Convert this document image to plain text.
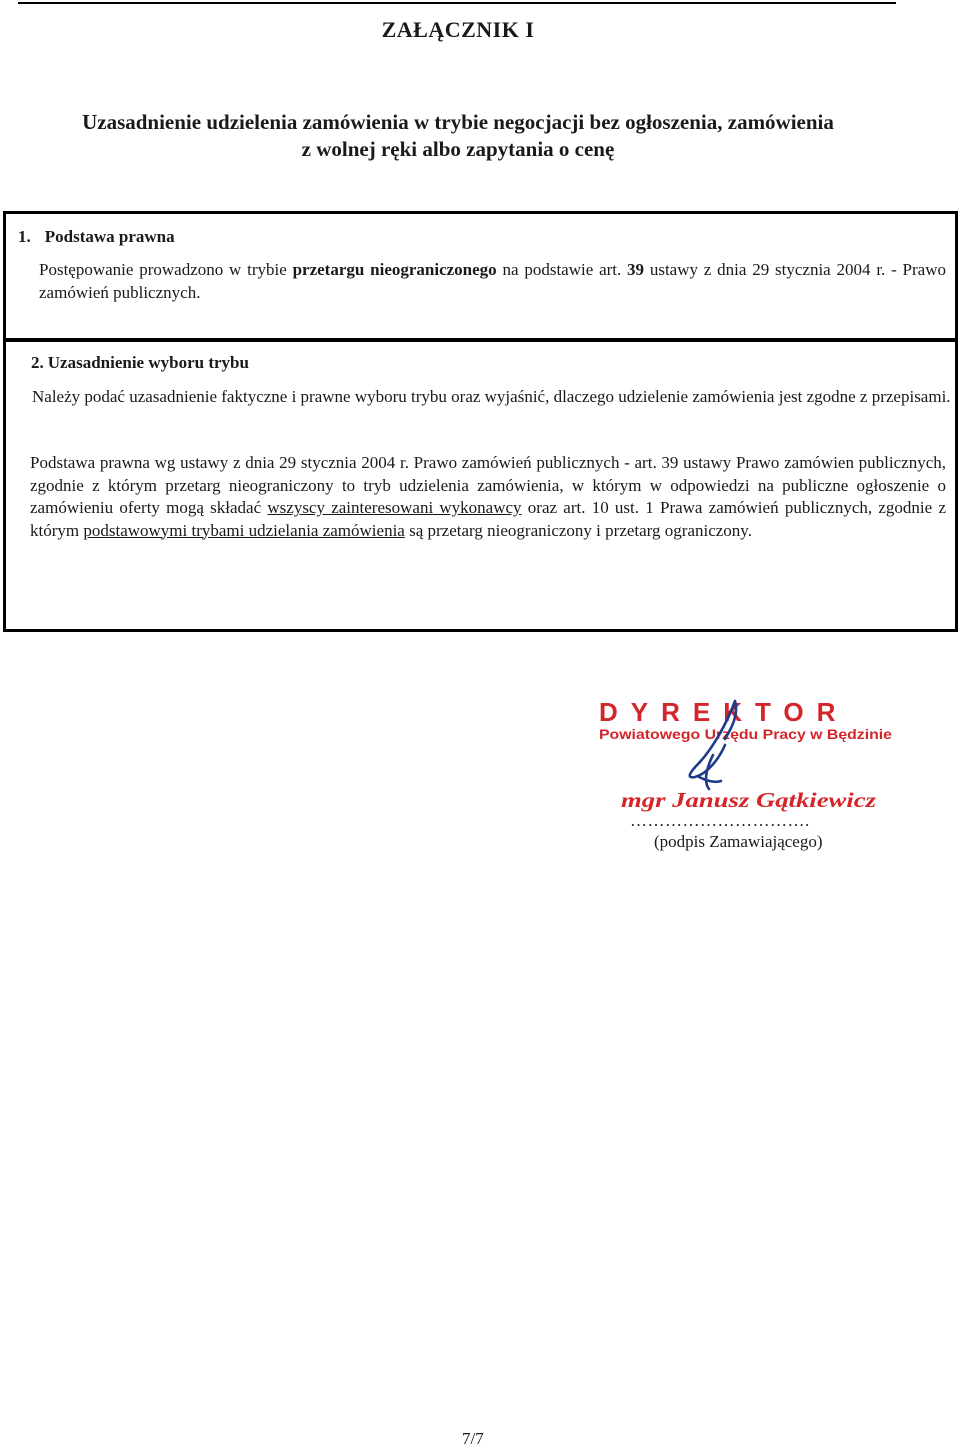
ZAŁĄCZNIK I
Uzasadnienie udzielenia zamówienia w trybie negocjacji bez ogłoszenia, zamówienia
z wolnej ręki albo zapytania o cenę
1. Podstawa prawna
Postępowanie prowadzono w trybie przetargu nieograniczonego na podstawie art. 39 ustawy z dnia 29 stycznia 2004 r. - Prawo zamówień publicznych.
2. Uzasadnienie wyboru trybu
Należy podać uzasadnienie faktyczne i prawne wyboru trybu oraz wyjaśnić, dlaczego udzielenie zamówienia jest zgodne z przepisami.
Podstawa prawna wg ustawy z dnia 29 stycznia 2004 r. Prawo zamówień publicznych - art. 39 ustawy Prawo zamówien publicznych, zgodnie z którym przetarg nieograniczony to tryb udzielenia zamówienia, w którym w odpowiedzi na publiczne ogłoszenie o zamówieniu oferty mogą składać wszyscy zainteresowani wykonawcy oraz art. 10 ust. 1 Prawa zamówień publicznych, zgodnie z którym podstawowymi trybami udzielania zamówienia są przetarg nieograniczony i przetarg ograniczony.
DYREKTOR
Powiatowego Urzędu Pracy w Będzinie
mgr Janusz Gątkiewicz
………………………….
(podpis Zamawiającego)
7/7
